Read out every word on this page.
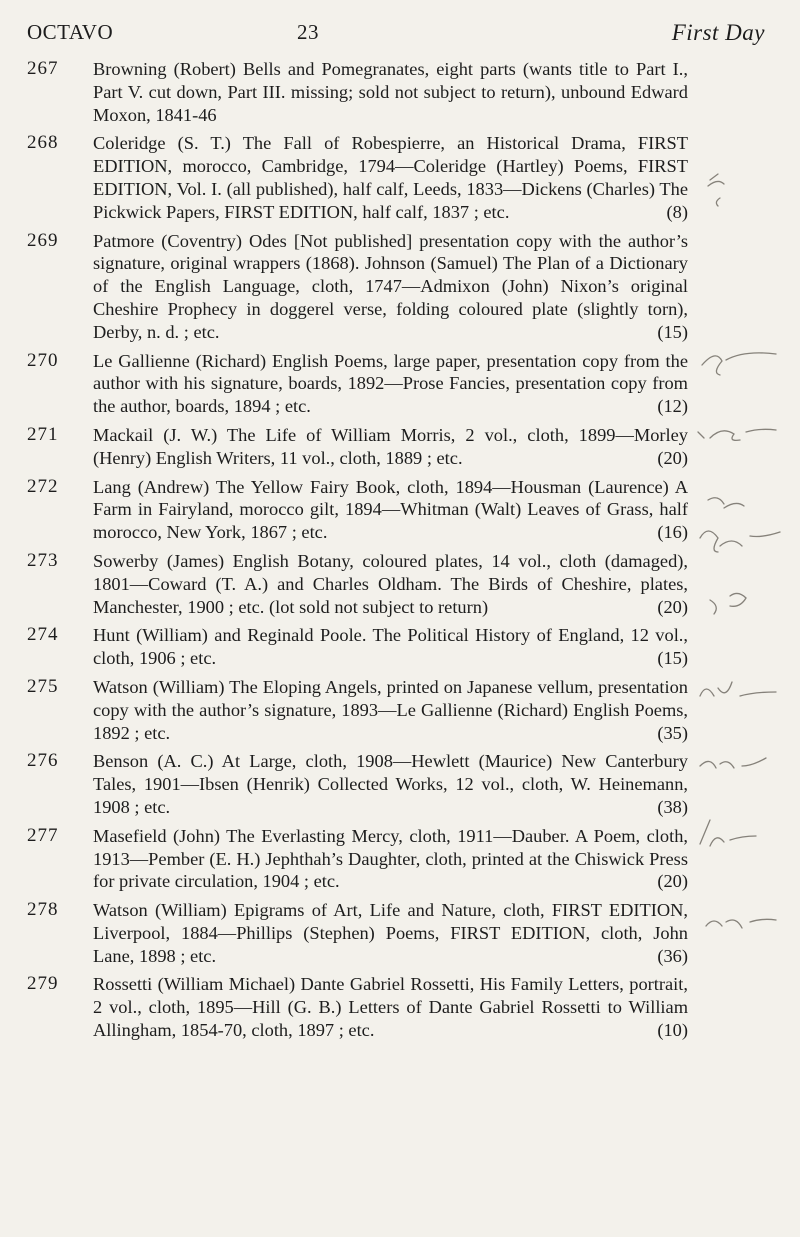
OCTAVO	23	First Day
267 Browning (Robert) Bells and Pomegranates, eight parts (wants title to Part I., Part V. cut down, Part III. missing; sold not subject to return), unbound Edward Moxon, 1841-46
268 Coleridge (S. T.) The Fall of Robespierre, an Historical Drama, FIRST EDITION, morocco, Cambridge, 1794—Coleridge (Hartley) Poems, FIRST EDITION, Vol. I. (all published), half calf, Leeds, 1833—Dickens (Charles) The Pickwick Papers, FIRST EDITION, half calf, 1837 ; etc.	(8)
269 Patmore (Coventry) Odes [Not published] presentation copy with the author’s signature, original wrappers (1868). Johnson (Samuel) The Plan of a Dictionary of the English Language, cloth, 1747—Admixon (John) Nixon’s original Cheshire Prophecy in doggerel verse, folding coloured plate (slightly torn), Derby, n. d. ; etc.	(15)
270 Le Gallienne (Richard) English Poems, large paper, presentation copy from the author with his signature, boards, 1892—Prose Fancies, presentation copy from the author, boards, 1894 ; etc.	(12)
271 Mackail (J. W.) The Life of William Morris, 2 vol., cloth, 1899—Morley (Henry) English Writers, 11 vol., cloth, 1889 ; etc.	(20)
272 Lang (Andrew) The Yellow Fairy Book, cloth, 1894—Housman (Laurence) A Farm in Fairyland, morocco gilt, 1894—Whitman (Walt) Leaves of Grass, half morocco, New York, 1867 ; etc.	(16)
273 Sowerby (James) English Botany, coloured plates, 14 vol., cloth (damaged), 1801—Coward (T. A.) and Charles Oldham. The Birds of Cheshire, plates, Manchester, 1900 ; etc. (lot sold not subject to return)	(20)
274 Hunt (William) and Reginald Poole. The Political History of England, 12 vol., cloth, 1906 ; etc.	(15)
275 Watson (William) The Eloping Angels, printed on Japanese vellum, presentation copy with the author’s signature, 1893—Le Gallienne (Richard) English Poems, 1892 ; etc.	(35)
276 Benson (A. C.) At Large, cloth, 1908—Hewlett (Maurice) New Canterbury Tales, 1901—Ibsen (Henrik) Collected Works, 12 vol., cloth, W. Heinemann, 1908 ; etc.	(38)
277 Masefield (John) The Everlasting Mercy, cloth, 1911—Dauber. A Poem, cloth, 1913—Pember (E. H.) Jephthah’s Daughter, cloth, printed at the Chiswick Press for private circulation, 1904 ; etc.	(20)
278 Watson (William) Epigrams of Art, Life and Nature, cloth, FIRST EDITION, Liverpool, 1884—Phillips (Stephen) Poems, FIRST EDITION, cloth, John Lane, 1898 ; etc.	(36)
279 Rossetti (William Michael) Dante Gabriel Rossetti, His Family Letters, portrait, 2 vol., cloth, 1895—Hill (G. B.) Letters of Dante Gabriel Rossetti to William Allingham, 1854-70, cloth, 1897 ; etc.	(10)
